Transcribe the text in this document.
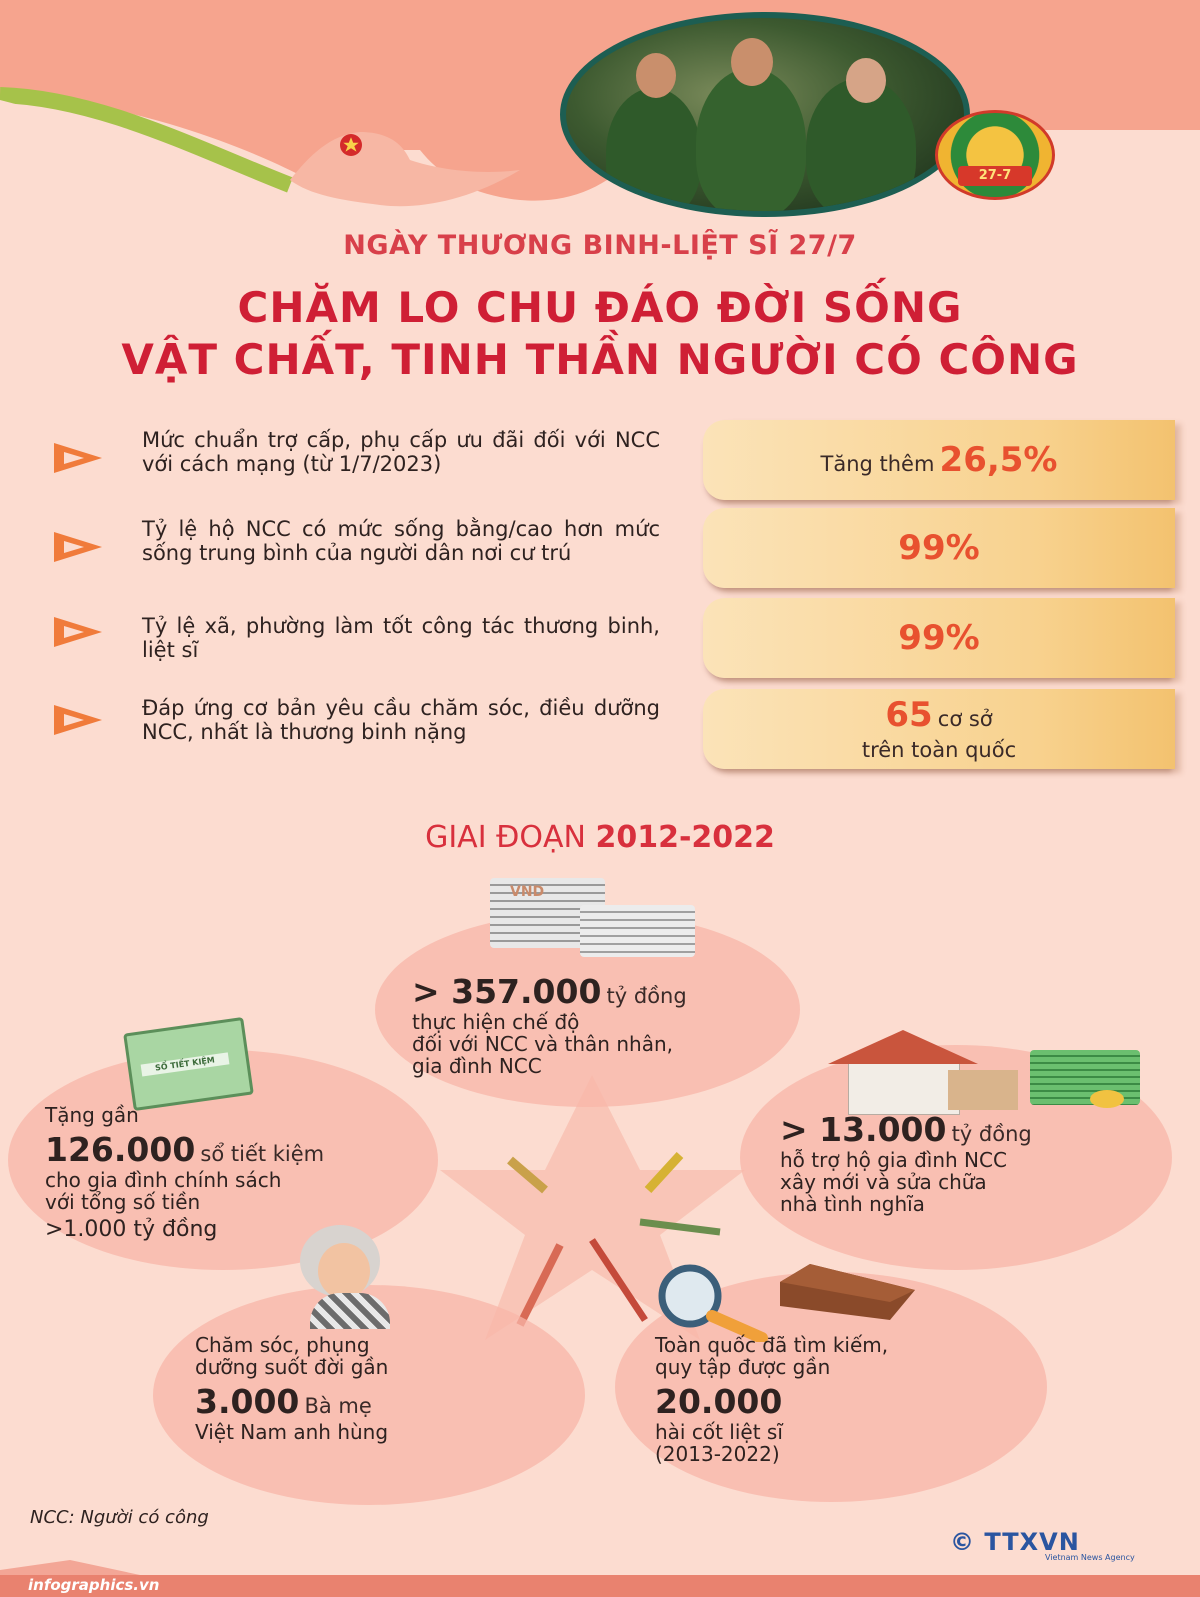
27-7
NGÀY THƯƠNG BINH-LIỆT SĨ 27/7
CHĂM LO CHU ĐÁO ĐỜI SỐNG
VẬT CHẤT, TINH THẦN NGƯỜI CÓ CÔNG
Mức chuẩn trợ cấp, phụ cấp ưu đãi đối với NCC với cách mạng (từ 1/7/2023)	Tăng thêm 26,5%
Tỷ lệ hộ NCC có mức sống bằng/cao hơn mức sống trung bình của người dân nơi cư trú	99%
Tỷ lệ xã, phường làm tốt công tác thương binh, liệt sĩ	99%
Đáp ứng cơ bản yêu cầu chăm sóc, điều dưỡng NCC, nhất là thương binh nặng	65 cơ sở
trên toàn quốc
GIAI ĐOẠN 2012-2022
VND
SỔ TIẾT KIỆM
> 357.000 tỷ đồng
thực hiện chế độ
đối với NCC và thân nhân,
gia đình NCC
Tặng gần
126.000 sổ tiết kiệm
cho gia đình chính sách
với tổng số tiền
>1.000 tỷ đồng
> 13.000 tỷ đồng
hỗ trợ hộ gia đình NCC
xây mới và sửa chữa
nhà tình nghĩa
Chăm sóc, phụng
dưỡng suốt đời gần
3.000 Bà mẹ
Việt Nam anh hùng
Toàn quốc đã tìm kiếm,
quy tập được gần
20.000
hài cốt liệt sĩ
(2013-2022)
NCC: Người có công
© TTXVN
Vietnam News Agency
infographics.vn
